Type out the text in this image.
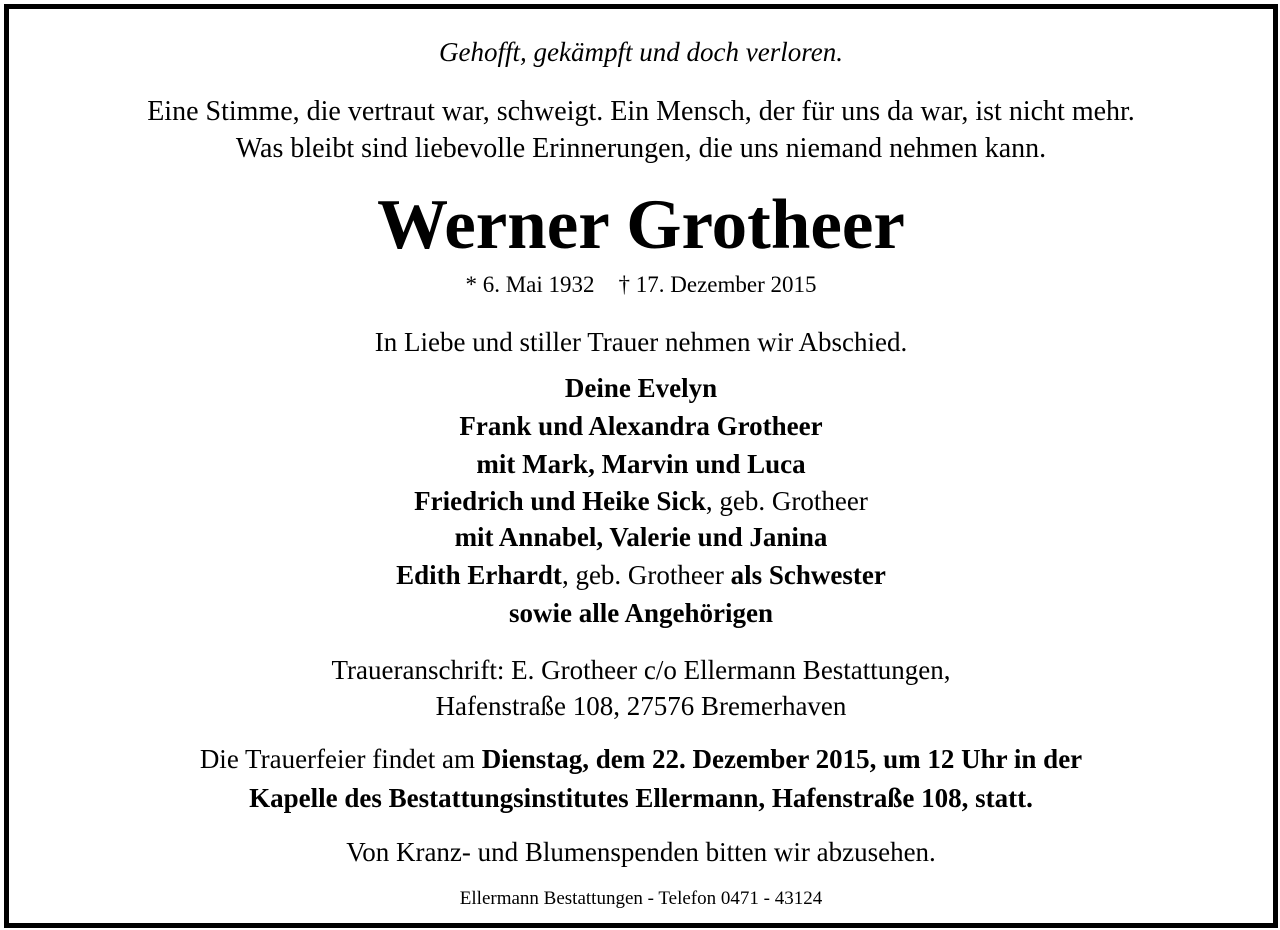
Gehofft, gekämpft und doch verloren.
Eine Stimme, die vertraut war, schweigt. Ein Mensch, der für uns da war, ist nicht mehr.
Was bleibt sind liebevolle Erinnerungen, die uns niemand nehmen kann.
Werner Grotheer
* 6. Mai 1932 † 17. Dezember 2015
In Liebe und stiller Trauer nehmen wir Abschied.
Deine Evelyn
Frank und Alexandra Grotheer
mit Mark, Marvin und Luca
Friedrich und Heike Sick, geb. Grotheer
mit Annabel, Valerie und Janina
Edith Erhardt, geb. Grotheer als Schwester
sowie alle Angehörigen
Traueranschrift: E. Grotheer c/o Ellermann Bestattungen,
Hafenstraße 108, 27576 Bremerhaven
Die Trauerfeier findet am Dienstag, dem 22. Dezember 2015, um 12 Uhr in der
Kapelle des Bestattungsinstitutes Ellermann, Hafenstraße 108, statt.
Von Kranz- und Blumenspenden bitten wir abzusehen.
Ellermann Bestattungen - Telefon 0471 - 43124
